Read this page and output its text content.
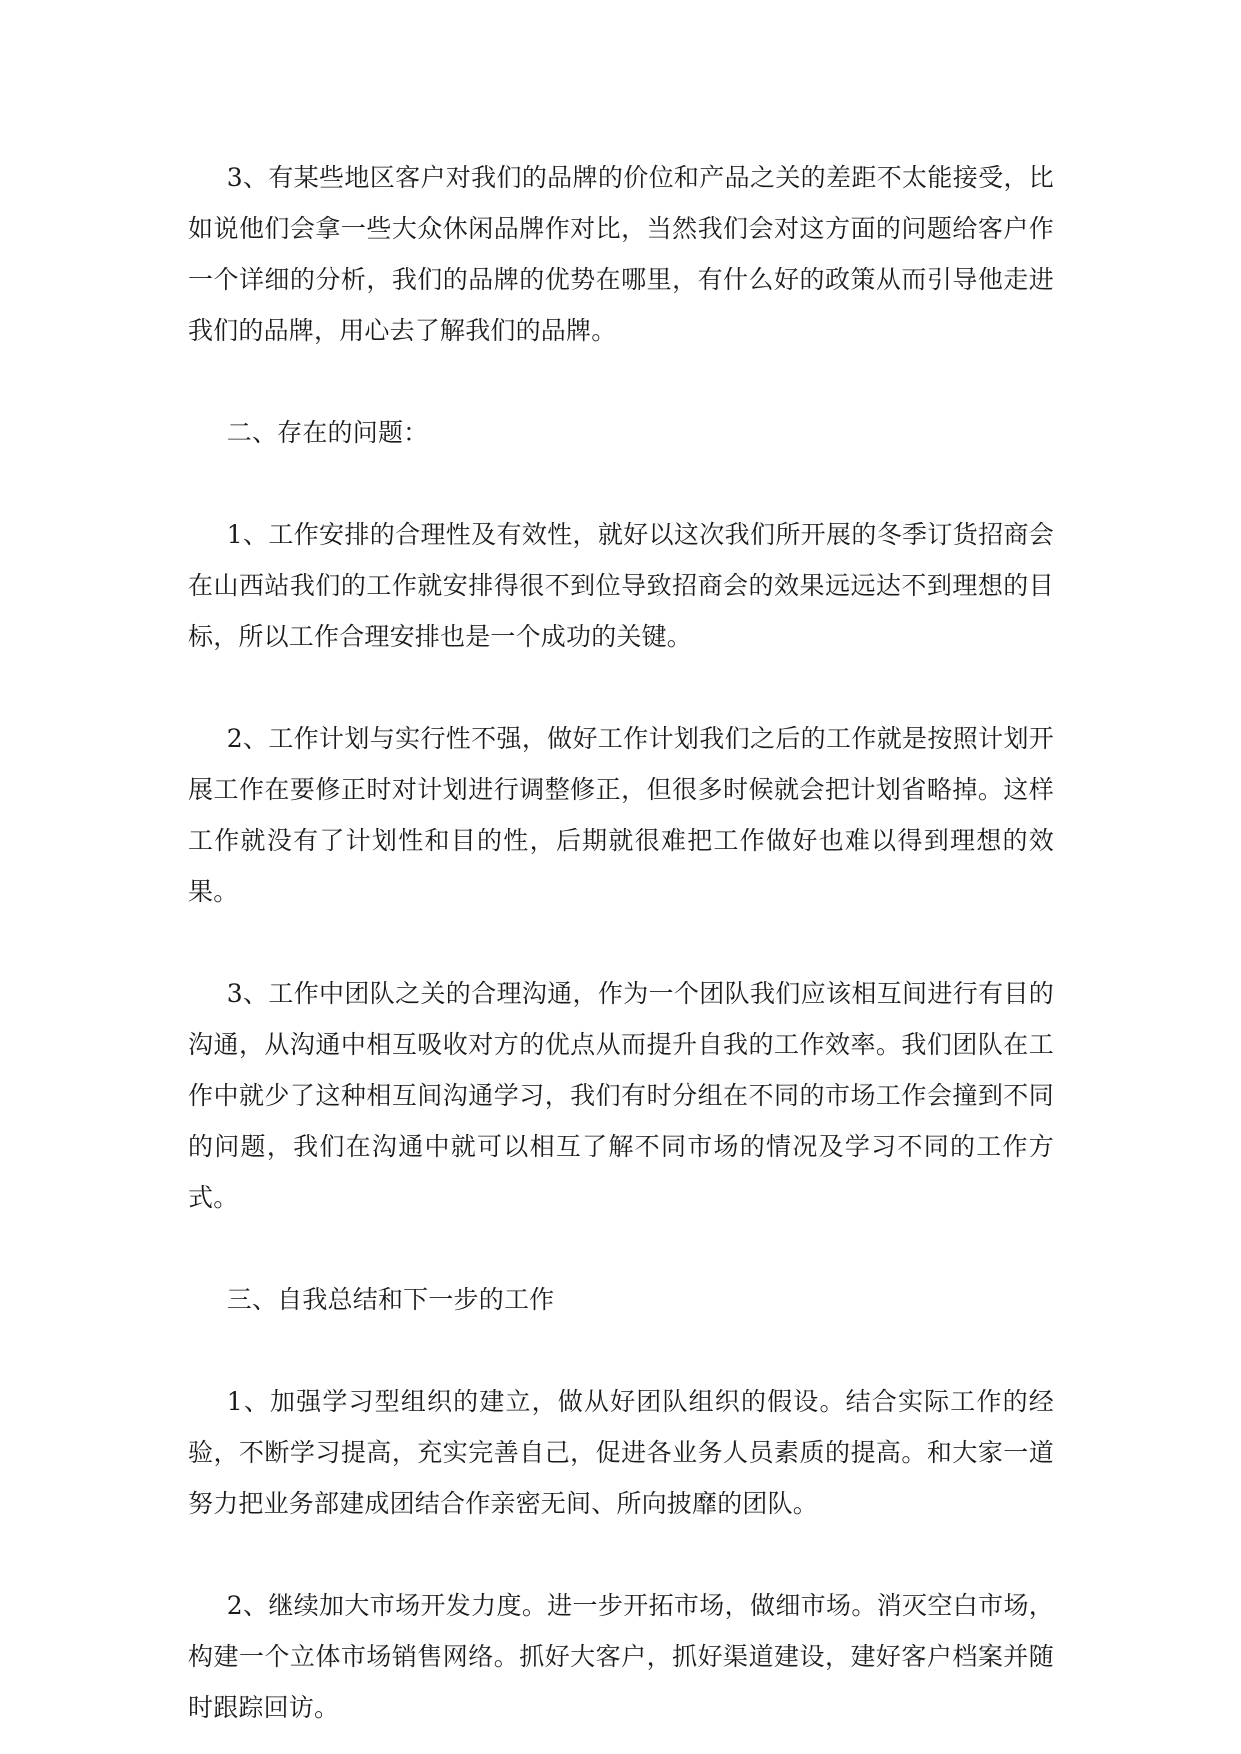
3、有某些地区客户对我们的品牌的价位和产品之关的差距不太能接受，比如说他们会拿一些大众休闲品牌作对比，当然我们会对这方面的问题给客户作一个详细的分析，我们的品牌的优势在哪里，有什么好的政策从而引导他走进我们的品牌，用心去了解我们的品牌。

二、存在的问题：

1、工作安排的合理性及有效性，就好以这次我们所开展的冬季订货招商会在山西站我们的工作就安排得很不到位导致招商会的效果远远达不到理想的目标，所以工作合理安排也是一个成功的关键。

2、工作计划与实行性不强，做好工作计划我们之后的工作就是按照计划开展工作在要修正时对计划进行调整修正，但很多时候就会把计划省略掉。这样工作就没有了计划性和目的性，后期就很难把工作做好也难以得到理想的效果。

3、工作中团队之关的合理沟通，作为一个团队我们应该相互间进行有目的沟通，从沟通中相互吸收对方的优点从而提升自我的工作效率。我们团队在工作中就少了这种相互间沟通学习，我们有时分组在不同的市场工作会撞到不同的问题，我们在沟通中就可以相互了解不同市场的情况及学习不同的工作方式。

三、自我总结和下一步的工作

1、加强学习型组织的建立，做从好团队组织的假设。结合实际工作的经验，不断学习提高，充实完善自己，促进各业务人员素质的提高。和大家一道努力把业务部建成团结合作亲密无间、所向披靡的团队。

2、继续加大市场开发力度。进一步开拓市场，做细市场。消灭空白市场，构建一个立体市场销售网络。抓好大客户，抓好渠道建设，建好客户档案并随时跟踪回访。
